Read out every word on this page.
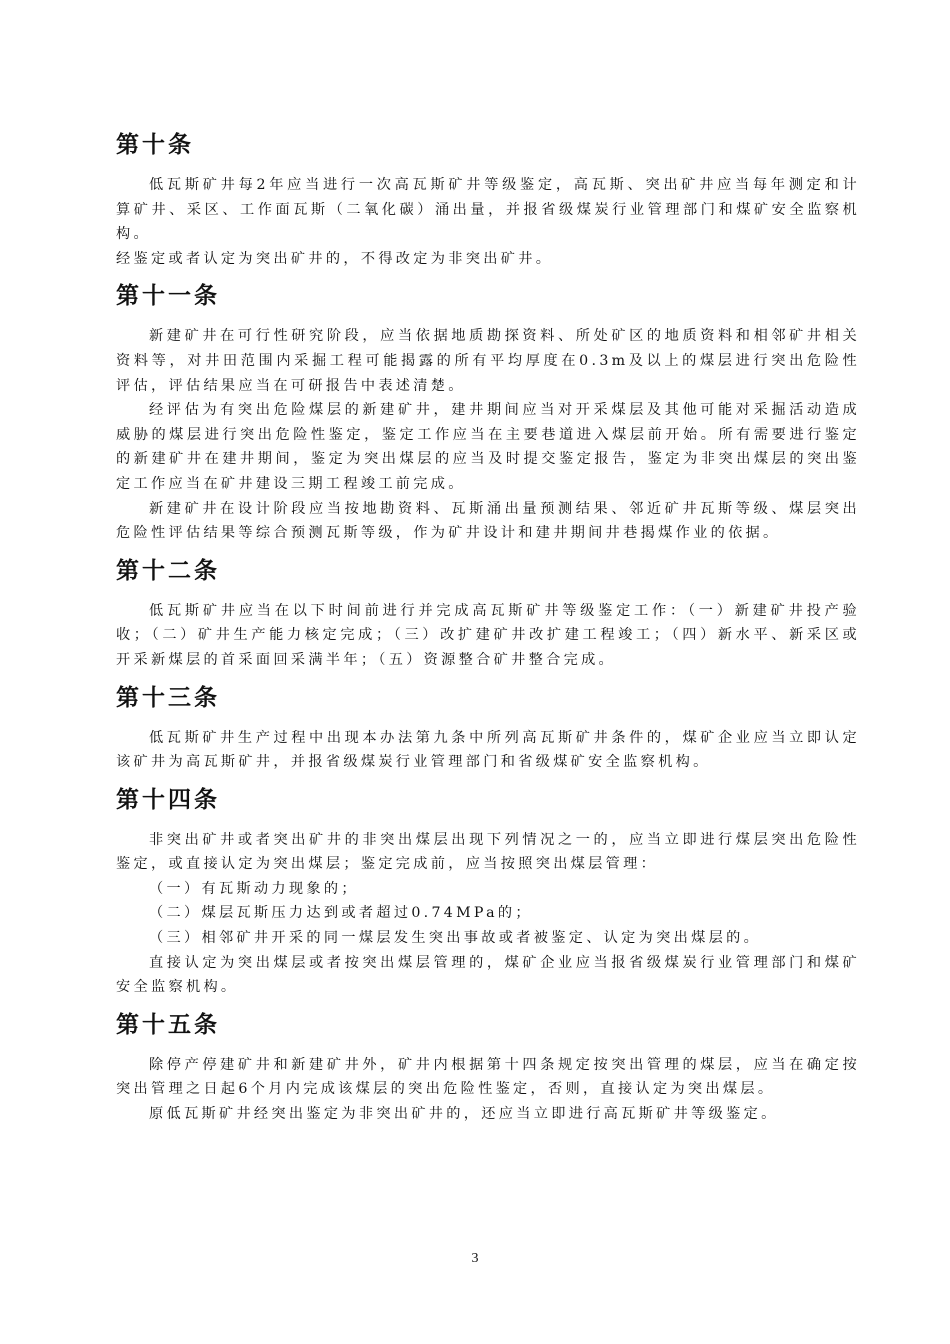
第十条

低瓦斯矿井每2年应当进行一次高瓦斯矿井等级鉴定，高瓦斯、突出矿井应当每年测定和计算矿井、采区、工作面瓦斯（二氧化碳）涌出量，并报省级煤炭行业管理部门和煤矿安全监察机构。

经鉴定或者认定为突出矿井的，不得改定为非突出矿井。

第十一条

新建矿井在可行性研究阶段，应当依据地质勘探资料、所处矿区的地质资料和相邻矿井相关资料等，对井田范围内采掘工程可能揭露的所有平均厚度在0.3m及以上的煤层进行突出危险性评估，评估结果应当在可研报告中表述清楚。

经评估为有突出危险煤层的新建矿井，建井期间应当对开采煤层及其他可能对采掘活动造成威胁的煤层进行突出危险性鉴定，鉴定工作应当在主要巷道进入煤层前开始。所有需要进行鉴定的新建矿井在建井期间，鉴定为突出煤层的应当及时提交鉴定报告，鉴定为非突出煤层的突出鉴定工作应当在矿井建设三期工程竣工前完成。

新建矿井在设计阶段应当按地勘资料、瓦斯涌出量预测结果、邻近矿井瓦斯等级、煤层突出危险性评估结果等综合预测瓦斯等级，作为矿井设计和建井期间井巷揭煤作业的依据。

第十二条

低瓦斯矿井应当在以下时间前进行并完成高瓦斯矿井等级鉴定工作：（一）新建矿井投产验收；（二）矿井生产能力核定完成；（三）改扩建矿井改扩建工程竣工；（四）新水平、新采区或开采新煤层的首采面回采满半年；（五）资源整合矿井整合完成。

第十三条

低瓦斯矿井生产过程中出现本办法第九条中所列高瓦斯矿井条件的，煤矿企业应当立即认定该矿井为高瓦斯矿井，并报省级煤炭行业管理部门和省级煤矿安全监察机构。

第十四条

非突出矿井或者突出矿井的非突出煤层出现下列情况之一的，应当立即进行煤层突出危险性鉴定，或直接认定为突出煤层；鉴定完成前，应当按照突出煤层管理：

（一）有瓦斯动力现象的；

（二）煤层瓦斯压力达到或者超过0.74MPa的；

（三）相邻矿井开采的同一煤层发生突出事故或者被鉴定、认定为突出煤层的。

直接认定为突出煤层或者按突出煤层管理的，煤矿企业应当报省级煤炭行业管理部门和煤矿安全监察机构。

第十五条

除停产停建矿井和新建矿井外，矿井内根据第十四条规定按突出管理的煤层，应当在确定按突出管理之日起6个月内完成该煤层的突出危险性鉴定，否则，直接认定为突出煤层。

原低瓦斯矿井经突出鉴定为非突出矿井的，还应当立即进行高瓦斯矿井等级鉴定。

3
